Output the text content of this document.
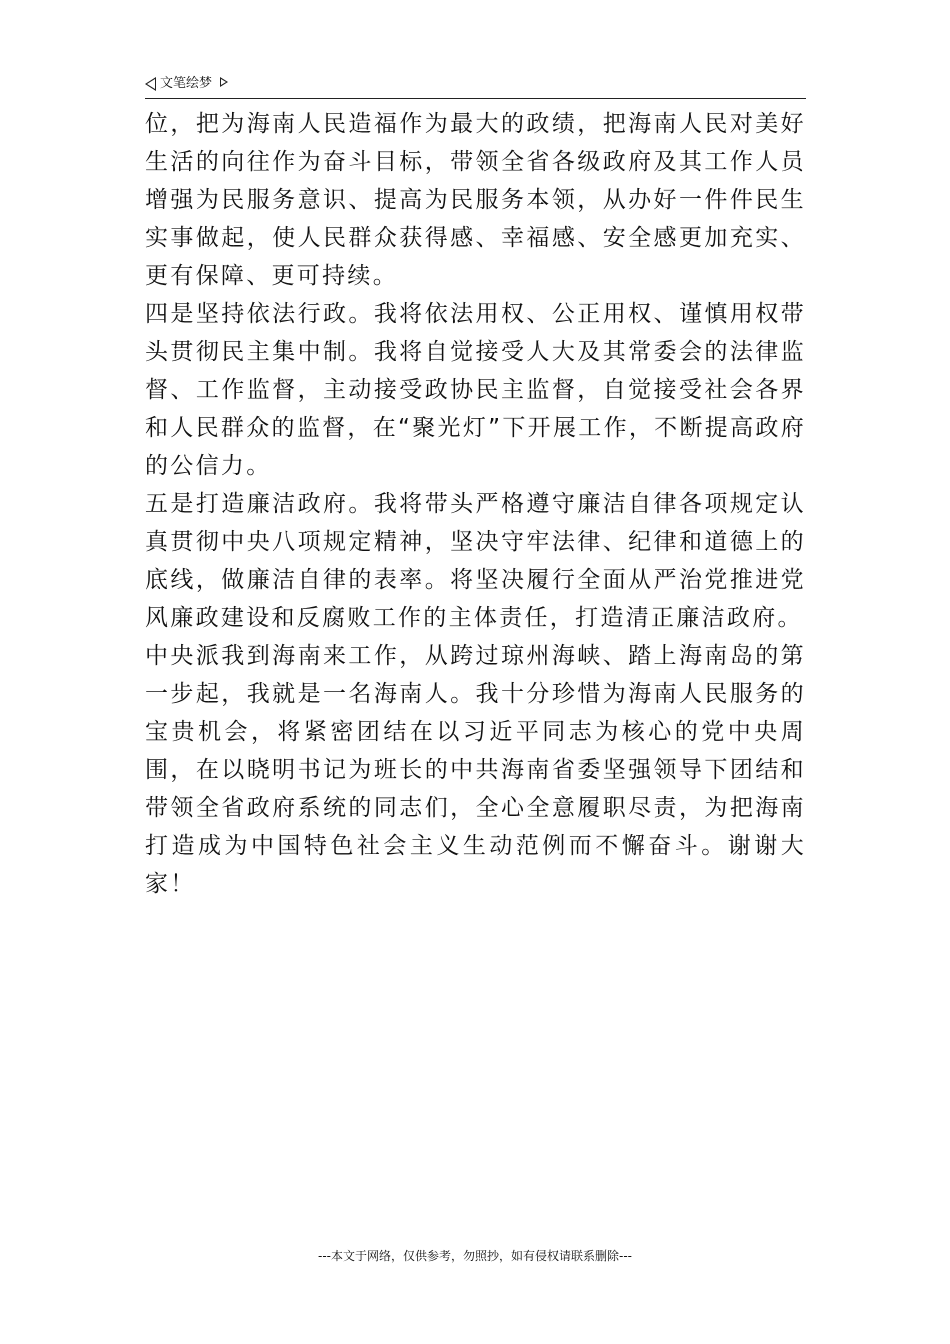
文笔绘梦

位，把为海南人民造福作为最大的政绩，把海南人民对美好生活的向往作为奋斗目标，带领全省各级政府及其工作人员增强为民服务意识、提高为民服务本领，从办好一件件民生实事做起，使人民群众获得感、幸福感、安全感更加充实、更有保障、更可持续。

四是坚持依法行政。我将依法用权、公正用权、谨慎用权带头贯彻民主集中制。我将自觉接受人大及其常委会的法律监督、工作监督，主动接受政协民主监督，自觉接受社会各界和人民群众的监督，在“聚光灯”下开展工作，不断提高政府的公信力。

五是打造廉洁政府。我将带头严格遵守廉洁自律各项规定认真贯彻中央八项规定精神，坚决守牢法律、纪律和道德上的底线，做廉洁自律的表率。将坚决履行全面从严治党推进党风廉政建设和反腐败工作的主体责任，打造清正廉洁政府。

中央派我到海南来工作，从跨过琼州海峡、踏上海南岛的第一步起，我就是一名海南人。我十分珍惜为海南人民服务的宝贵机会，将紧密团结在以习近平同志为核心的党中央周围，在以晓明书记为班长的中共海南省委坚强领导下团结和带领全省政府系统的同志们，全心全意履职尽责，为把海南打造成为中国特色社会主义生动范例而不懈奋斗。谢谢大家！

---本文于网络，仅供参考，勿照抄，如有侵权请联系删除---
